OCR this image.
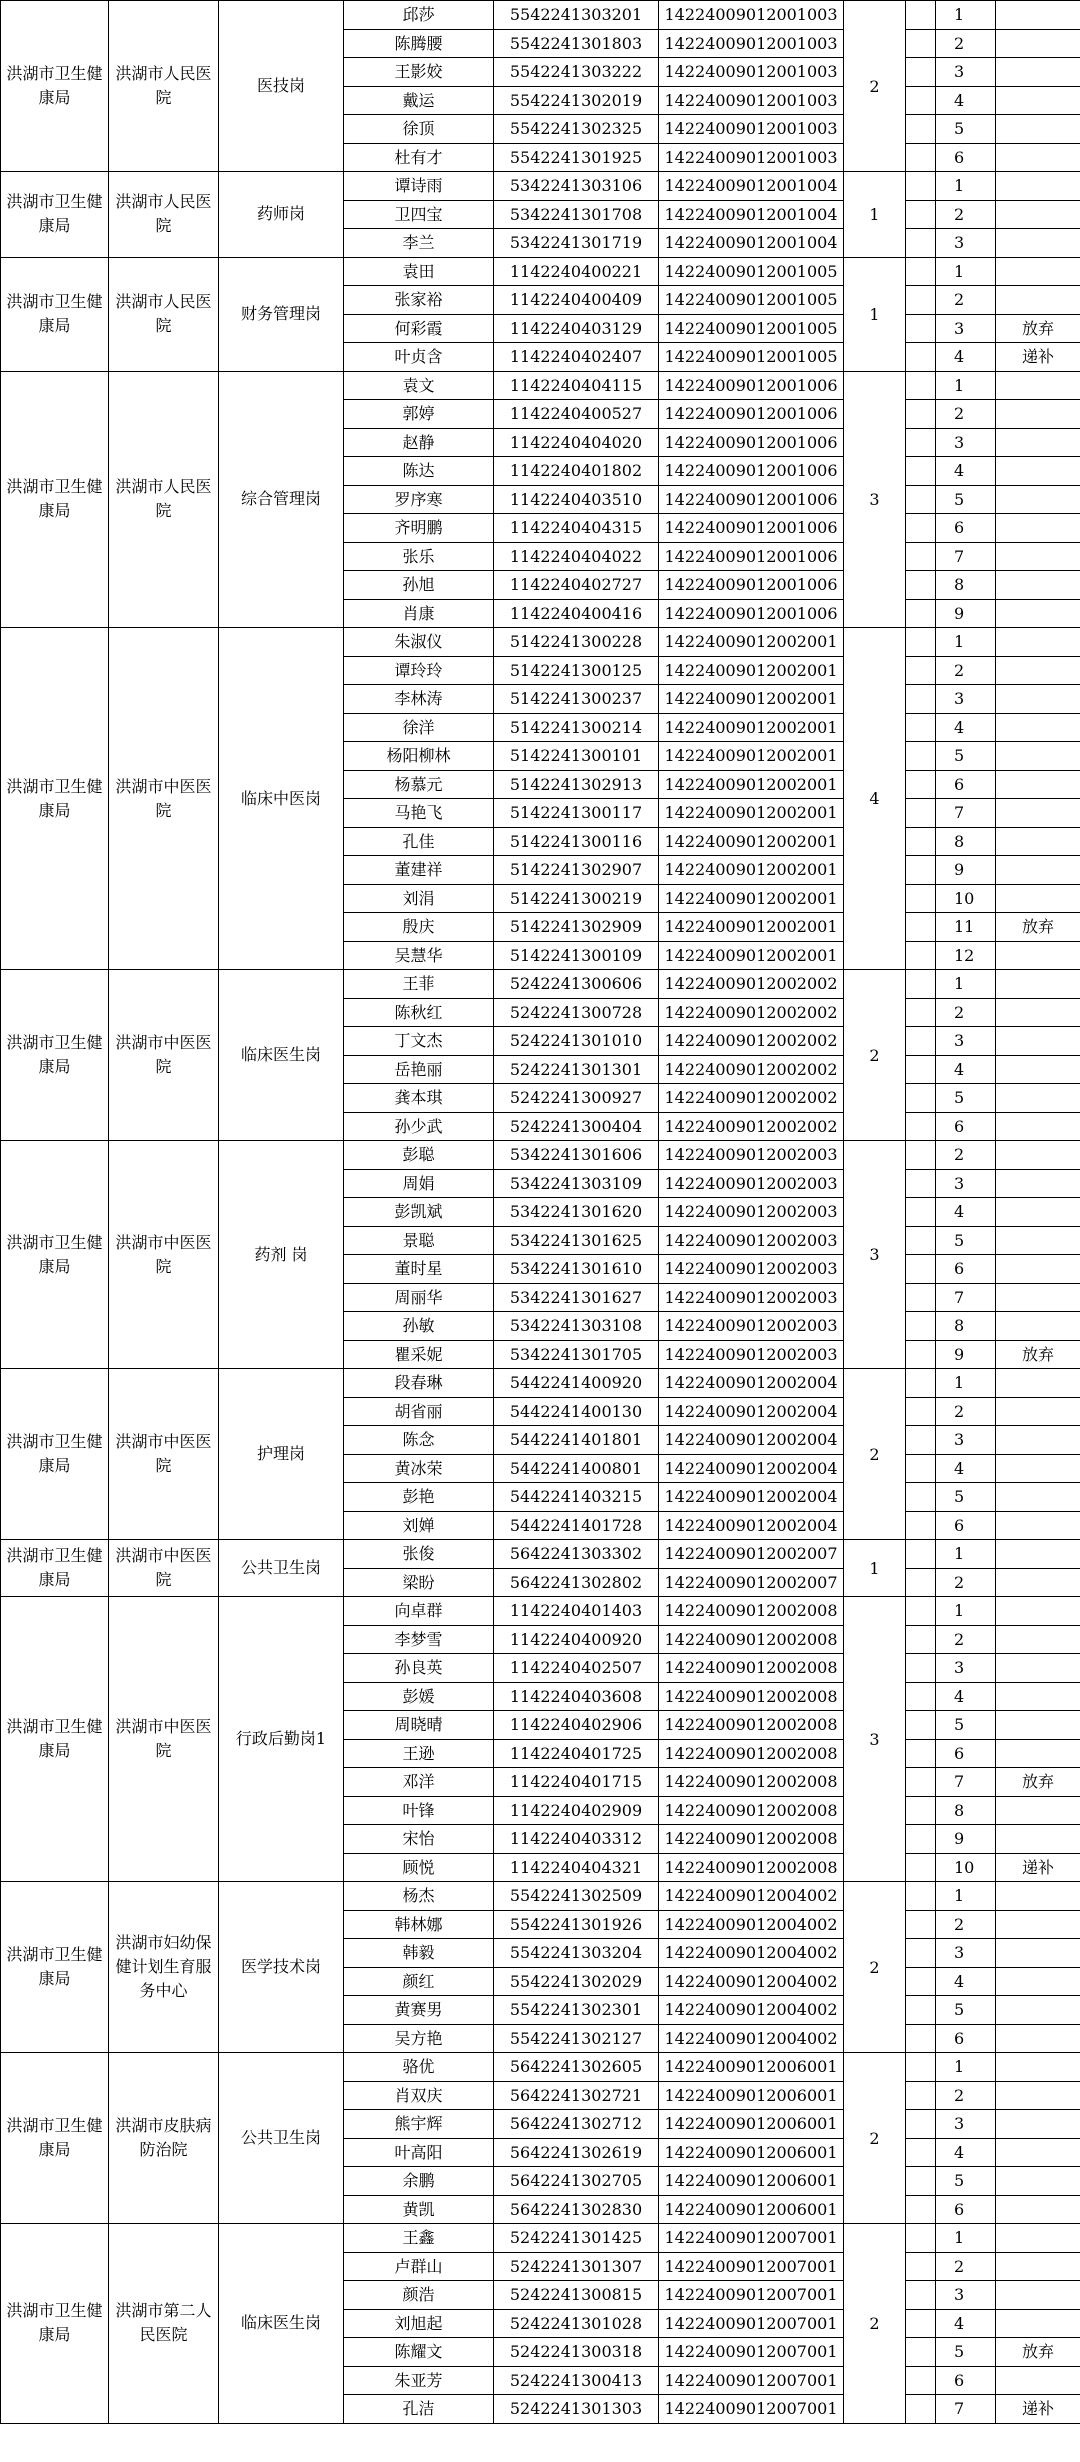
洪湖市卫生健康局	洪湖市人民医院	医技岗	邱莎	5542241303201	14224009012001003	2		1	
			陈腾腰	5542241301803	14224009012001003			2	
			王影姣	5542241303222	14224009012001003			3	
			戴运	5542241302019	14224009012001003			4	
			徐顶	5542241302325	14224009012001003			5	
			杜有才	5542241301925	14224009012001003			6	
洪湖市卫生健康局	洪湖市人民医院	药师岗	谭诗雨	5342241303106	14224009012001004	1		1	
			卫四宝	5342241301708	14224009012001004			2	
			李兰	5342241301719	14224009012001004			3	
洪湖市卫生健康局	洪湖市人民医院	财务管理岗	袁田	1142240400221	14224009012001005	1		1	
			张家裕	1142240400409	14224009012001005			2	
			何彩霞	1142240403129	14224009012001005			3	放弃
			叶贞含	1142240402407	14224009012001005			4	递补
洪湖市卫生健康局	洪湖市人民医院	综合管理岗	袁文	1142240404115	14224009012001006	3		1	
			郭婷	1142240400527	14224009012001006			2	
			赵静	1142240404020	14224009012001006			3	
			陈达	1142240401802	14224009012001006			4	
			罗序寒	1142240403510	14224009012001006			5	
			齐明鹏	1142240404315	14224009012001006			6	
			张乐	1142240404022	14224009012001006			7	
			孙旭	1142240402727	14224009012001006			8	
			肖康	1142240400416	14224009012001006			9	
洪湖市卫生健康局	洪湖市中医医院	临床中医岗	朱淑仪	5142241300228	14224009012002001	4		1	
			谭玲玲	5142241300125	14224009012002001			2	
			李林涛	5142241300237	14224009012002001			3	
			徐洋	5142241300214	14224009012002001			4	
			杨阳柳林	5142241300101	14224009012002001			5	
			杨慕元	5142241302913	14224009012002001			6	
			马艳飞	5142241300117	14224009012002001			7	
			孔佳	5142241300116	14224009012002001			8	
			董建祥	5142241302907	14224009012002001			9	
			刘涓	5142241300219	14224009012002001			10	
			殷庆	5142241302909	14224009012002001			11	放弃
			吴慧华	5142241300109	14224009012002001			12	
洪湖市卫生健康局	洪湖市中医医院	临床医生岗	王菲	5242241300606	14224009012002002	2		1	
			陈秋红	5242241300728	14224009012002002			2	
			丁文杰	5242241301010	14224009012002002			3	
			岳艳丽	5242241301301	14224009012002002			4	
			龚本琪	5242241300927	14224009012002002			5	
			孙少武	5242241300404	14224009012002002			6	
洪湖市卫生健康局	洪湖市中医医院	药剂 岗	彭聪	5342241301606	14224009012002003	3		2	
			周娟	5342241303109	14224009012002003			3	
			彭凯斌	5342241301620	14224009012002003			4	
			景聪	5342241301625	14224009012002003			5	
			董时星	5342241301610	14224009012002003			6	
			周丽华	5342241301627	14224009012002003			7	
			孙敏	5342241303108	14224009012002003			8	
			瞿采妮	5342241301705	14224009012002003			9	放弃
洪湖市卫生健康局	洪湖市中医医院	护理岗	段春琳	5442241400920	14224009012002004	2		1	
			胡省丽	5442241400130	14224009012002004			2	
			陈念	5442241401801	14224009012002004			3	
			黄冰荣	5442241400801	14224009012002004			4	
			彭艳	5442241403215	14224009012002004			5	
			刘婵	5442241401728	14224009012002004			6	
洪湖市卫生健康局	洪湖市中医医院	公共卫生岗	张俊	5642241303302	14224009012002007	1		1	
			梁盼	5642241302802	14224009012002007			2	
洪湖市卫生健康局	洪湖市中医医院	行政后勤岗1	向卓群	1142240401403	14224009012002008	3		1	
			李梦雪	1142240400920	14224009012002008			2	
			孙良英	1142240402507	14224009012002008			3	
			彭媛	1142240403608	14224009012002008			4	
			周晓晴	1142240402906	14224009012002008			5	
			王逊	1142240401725	14224009012002008			6	
			邓洋	1142240401715	14224009012002008			7	放弃
			叶锋	1142240402909	14224009012002008			8	
			宋怡	1142240403312	14224009012002008			9	
			顾悦	1142240404321	14224009012002008			10	递补
洪湖市卫生健康局	洪湖市妇幼保健计划生育服务中心	医学技术岗	杨杰	5542241302509	14224009012004002	2		1	
			韩林娜	5542241301926	14224009012004002			2	
			韩毅	5542241303204	14224009012004002			3	
			颜红	5542241302029	14224009012004002			4	
			黄赛男	5542241302301	14224009012004002			5	
			吴方艳	5542241302127	14224009012004002			6	
洪湖市卫生健康局	洪湖市皮肤病防治院	公共卫生岗	骆优	5642241302605	14224009012006001	2		1	
			肖双庆	5642241302721	14224009012006001			2	
			熊宇辉	5642241302712	14224009012006001			3	
			叶高阳	5642241302619	14224009012006001			4	
			余鹏	5642241302705	14224009012006001			5	
			黄凯	5642241302830	14224009012006001			6	
洪湖市卫生健康局	洪湖市第二人民医院	临床医生岗	王鑫	5242241301425	14224009012007001	2		1	
			卢群山	5242241301307	14224009012007001			2	
			颜浩	5242241300815	14224009012007001			3	
			刘旭起	5242241301028	14224009012007001			4	
			陈耀文	5242241300318	14224009012007001			5	放弃
			朱亚芳	5242241300413	14224009012007001			6	
			孔洁	5242241301303	14224009012007001			7	递补
